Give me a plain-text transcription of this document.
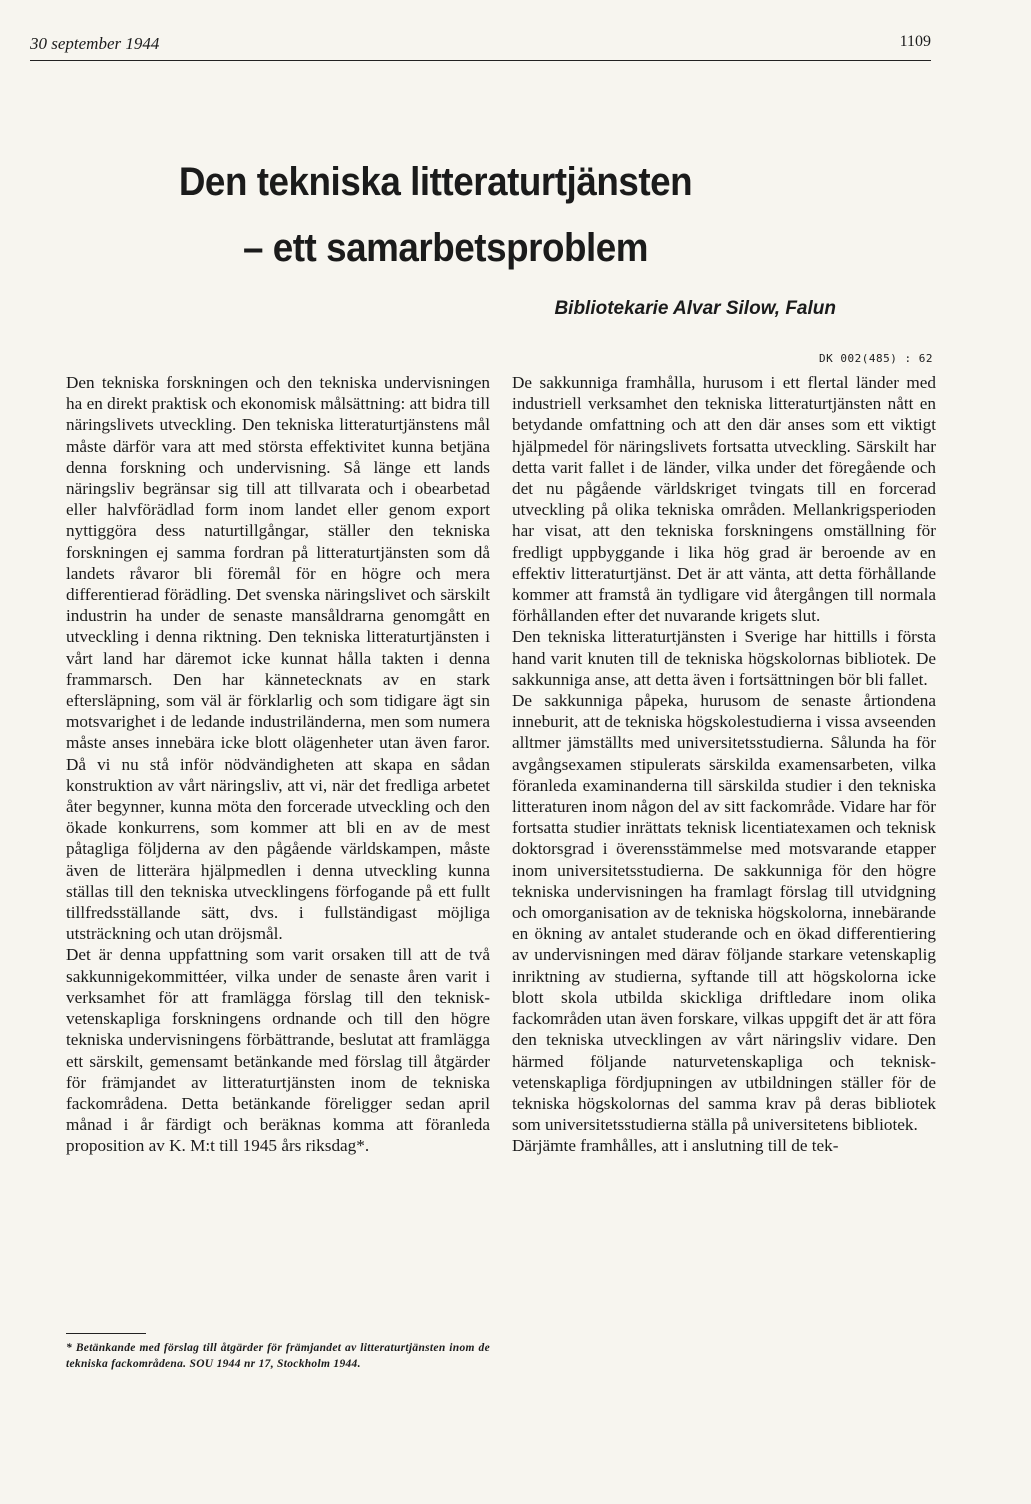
30 september 1944	1109
Den tekniska litteraturtjänsten
– ett samarbetsproblem
Bibliotekarie Alvar Silow, Falun
DK 002(485) : 62

Den tekniska forskningen och den tekniska undervisningen ha en direkt praktisk och ekonomisk målsättning: att bidra till näringslivets utveckling. Den tekniska litteraturtjänstens mål måste därför vara att med största effektivitet kunna betjäna denna forskning och undervisning. Så länge ett lands näringsliv begränsar sig till att tillvarata och i obearbetad eller halvförädlad form inom landet eller genom export nyttiggöra dess naturtillgångar, ställer den tekniska forskningen ej samma fordran på litteraturtjänsten som då landets råvaror bli föremål för en högre och mera differentierad förädling. Det svenska näringslivet och särskilt industrin ha under de senaste mansåldrarna genomgått en utveckling i denna riktning. Den tekniska litteraturtjänsten i vårt land har däremot icke kunnat hålla takten i denna frammarsch. Den har kännetecknats av en stark eftersläpning, som väl är förklarlig och som tidigare ägt sin motsvarighet i de ledande industriländerna, men som numera måste anses innebära icke blott olägenheter utan även faror. Då vi nu stå inför nödvändigheten att skapa en sådan konstruktion av vårt näringsliv, att vi, när det fredliga arbetet åter begynner, kunna möta den forcerade utveckling och den ökade konkurrens, som kommer att bli en av de mest påtagliga följderna av den pågående världskampen, måste även de litterära hjälpmedlen i denna utveckling kunna ställas till den tekniska utvecklingens förfogande på ett fullt tillfredsställande sätt, dvs. i fullständigast möjliga utsträckning och utan dröjsmål.

Det är denna uppfattning som varit orsaken till att de två sakkunnigekommittéer, vilka under de senaste åren varit i verksamhet för att framlägga förslag till den teknisk-vetenskapliga forskningens ordnande och till den högre tekniska undervisningens förbättrande, beslutat att framlägga ett särskilt, gemensamt betänkande med förslag till åtgärder för främjandet av litteraturtjänsten inom de tekniska fackområdena. Detta betänkande föreligger sedan april månad i år färdigt och beräknas komma att föranleda proposition av K. M:t till 1945 års riksdag*.

* Betänkande med förslag till åtgärder för främjandet av litteraturtjänsten inom de tekniska fackområdena. SOU 1944 nr 17, Stockholm 1944.

De sakkunniga framhålla, hurusom i ett flertal länder med industriell verksamhet den tekniska litteraturtjänsten nått en betydande omfattning och att den där anses som ett viktigt hjälpmedel för näringslivets fortsatta utveckling. Särskilt har detta varit fallet i de länder, vilka under det föregående och det nu pågående världskriget tvingats till en forcerad utveckling på olika tekniska områden. Mellankrigsperioden har visat, att den tekniska forskningens omställning för fredligt uppbyggande i lika hög grad är beroende av en effektiv litteraturtjänst. Det är att vänta, att detta förhållande kommer att framstå än tydligare vid återgången till normala förhållanden efter det nuvarande krigets slut.

Den tekniska litteraturtjänsten i Sverige har hittills i första hand varit knuten till de tekniska högskolornas bibliotek. De sakkunniga anse, att detta även i fortsättningen bör bli fallet.

De sakkunniga påpeka, hurusom de senaste årtiondena inneburit, att de tekniska högskolestudierna i vissa avseenden alltmer jämställts med universitetsstudierna. Sålunda ha för avgångsexamen stipulerats särskilda examensarbeten, vilka föranleda examinanderna till särskilda studier i den tekniska litteraturen inom någon del av sitt fackområde. Vidare har för fortsatta studier inrättats teknisk licentiatexamen och teknisk doktorsgrad i överensstämmelse med motsvarande etapper inom universitetsstudierna. De sakkunniga för den högre tekniska undervisningen ha framlagt förslag till utvidgning och omorganisation av de tekniska högskolorna, innebärande en ökning av antalet studerande och en ökad differentiering av undervisningen med därav följande starkare vetenskaplig inriktning av studierna, syftande till att högskolorna icke blott skola utbilda skickliga driftledare inom olika fackområden utan även forskare, vilkas uppgift det är att föra den tekniska utvecklingen av vårt näringsliv vidare. Den härmed följande naturvetenskapliga och teknisk-vetenskapliga fördjupningen av utbildningen ställer för de tekniska högskolornas del samma krav på deras bibliotek som universitetsstudierna ställa på universitetens bibliotek.

Därjämte framhålles, att i anslutning till de tek-
